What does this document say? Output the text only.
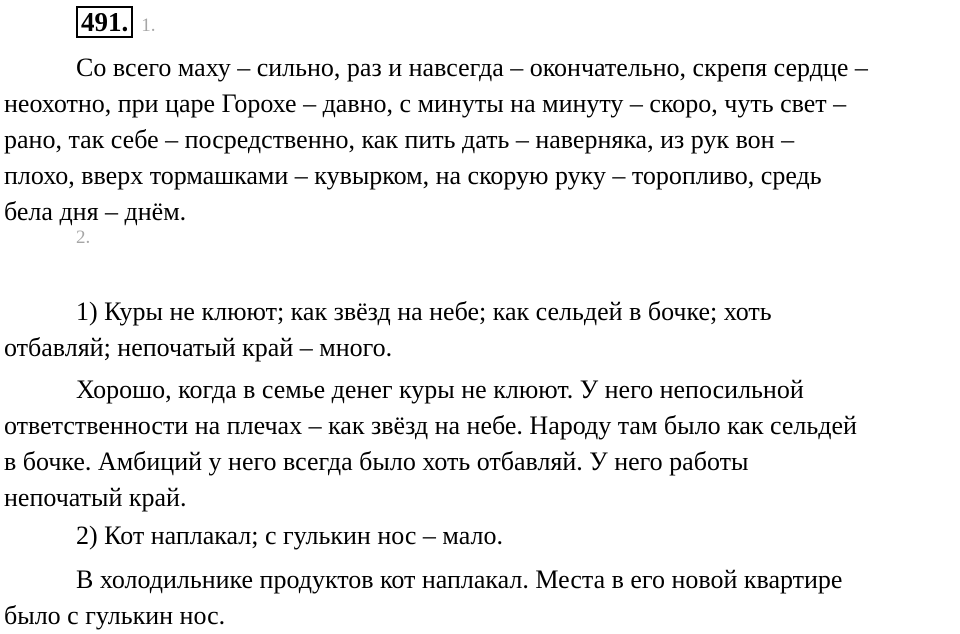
491. 1.
Со всего маху – сильно, раз и навсегда – окончательно, скрепя сердце –
неохотно, при царе Горохе – давно, с минуты на минуту – скоро, чуть свет –
рано, так себе – посредственно, как пить дать – наверняка, из рук вон –
плохо, вверх тормашками – кувырком, на скорую руку – торопливо, средь
бела дня – днём.
2.
1) Куры не клюют; как звёзд на небе; как сельдей в бочке; хоть
отбавляй; непочатый край – много.
Хорошо, когда в семье денег куры не клюют. У него непосильной
ответственности на плечах – как звёзд на небе. Народу там было как сельдей
в бочке. Амбиций у него всегда было хоть отбавляй. У него работы
непочатый край.
2) Кот наплакал; с гулькин нос – мало.
В холодильнике продуктов кот наплакал. Места в его новой квартире
было с гулькин нос.
